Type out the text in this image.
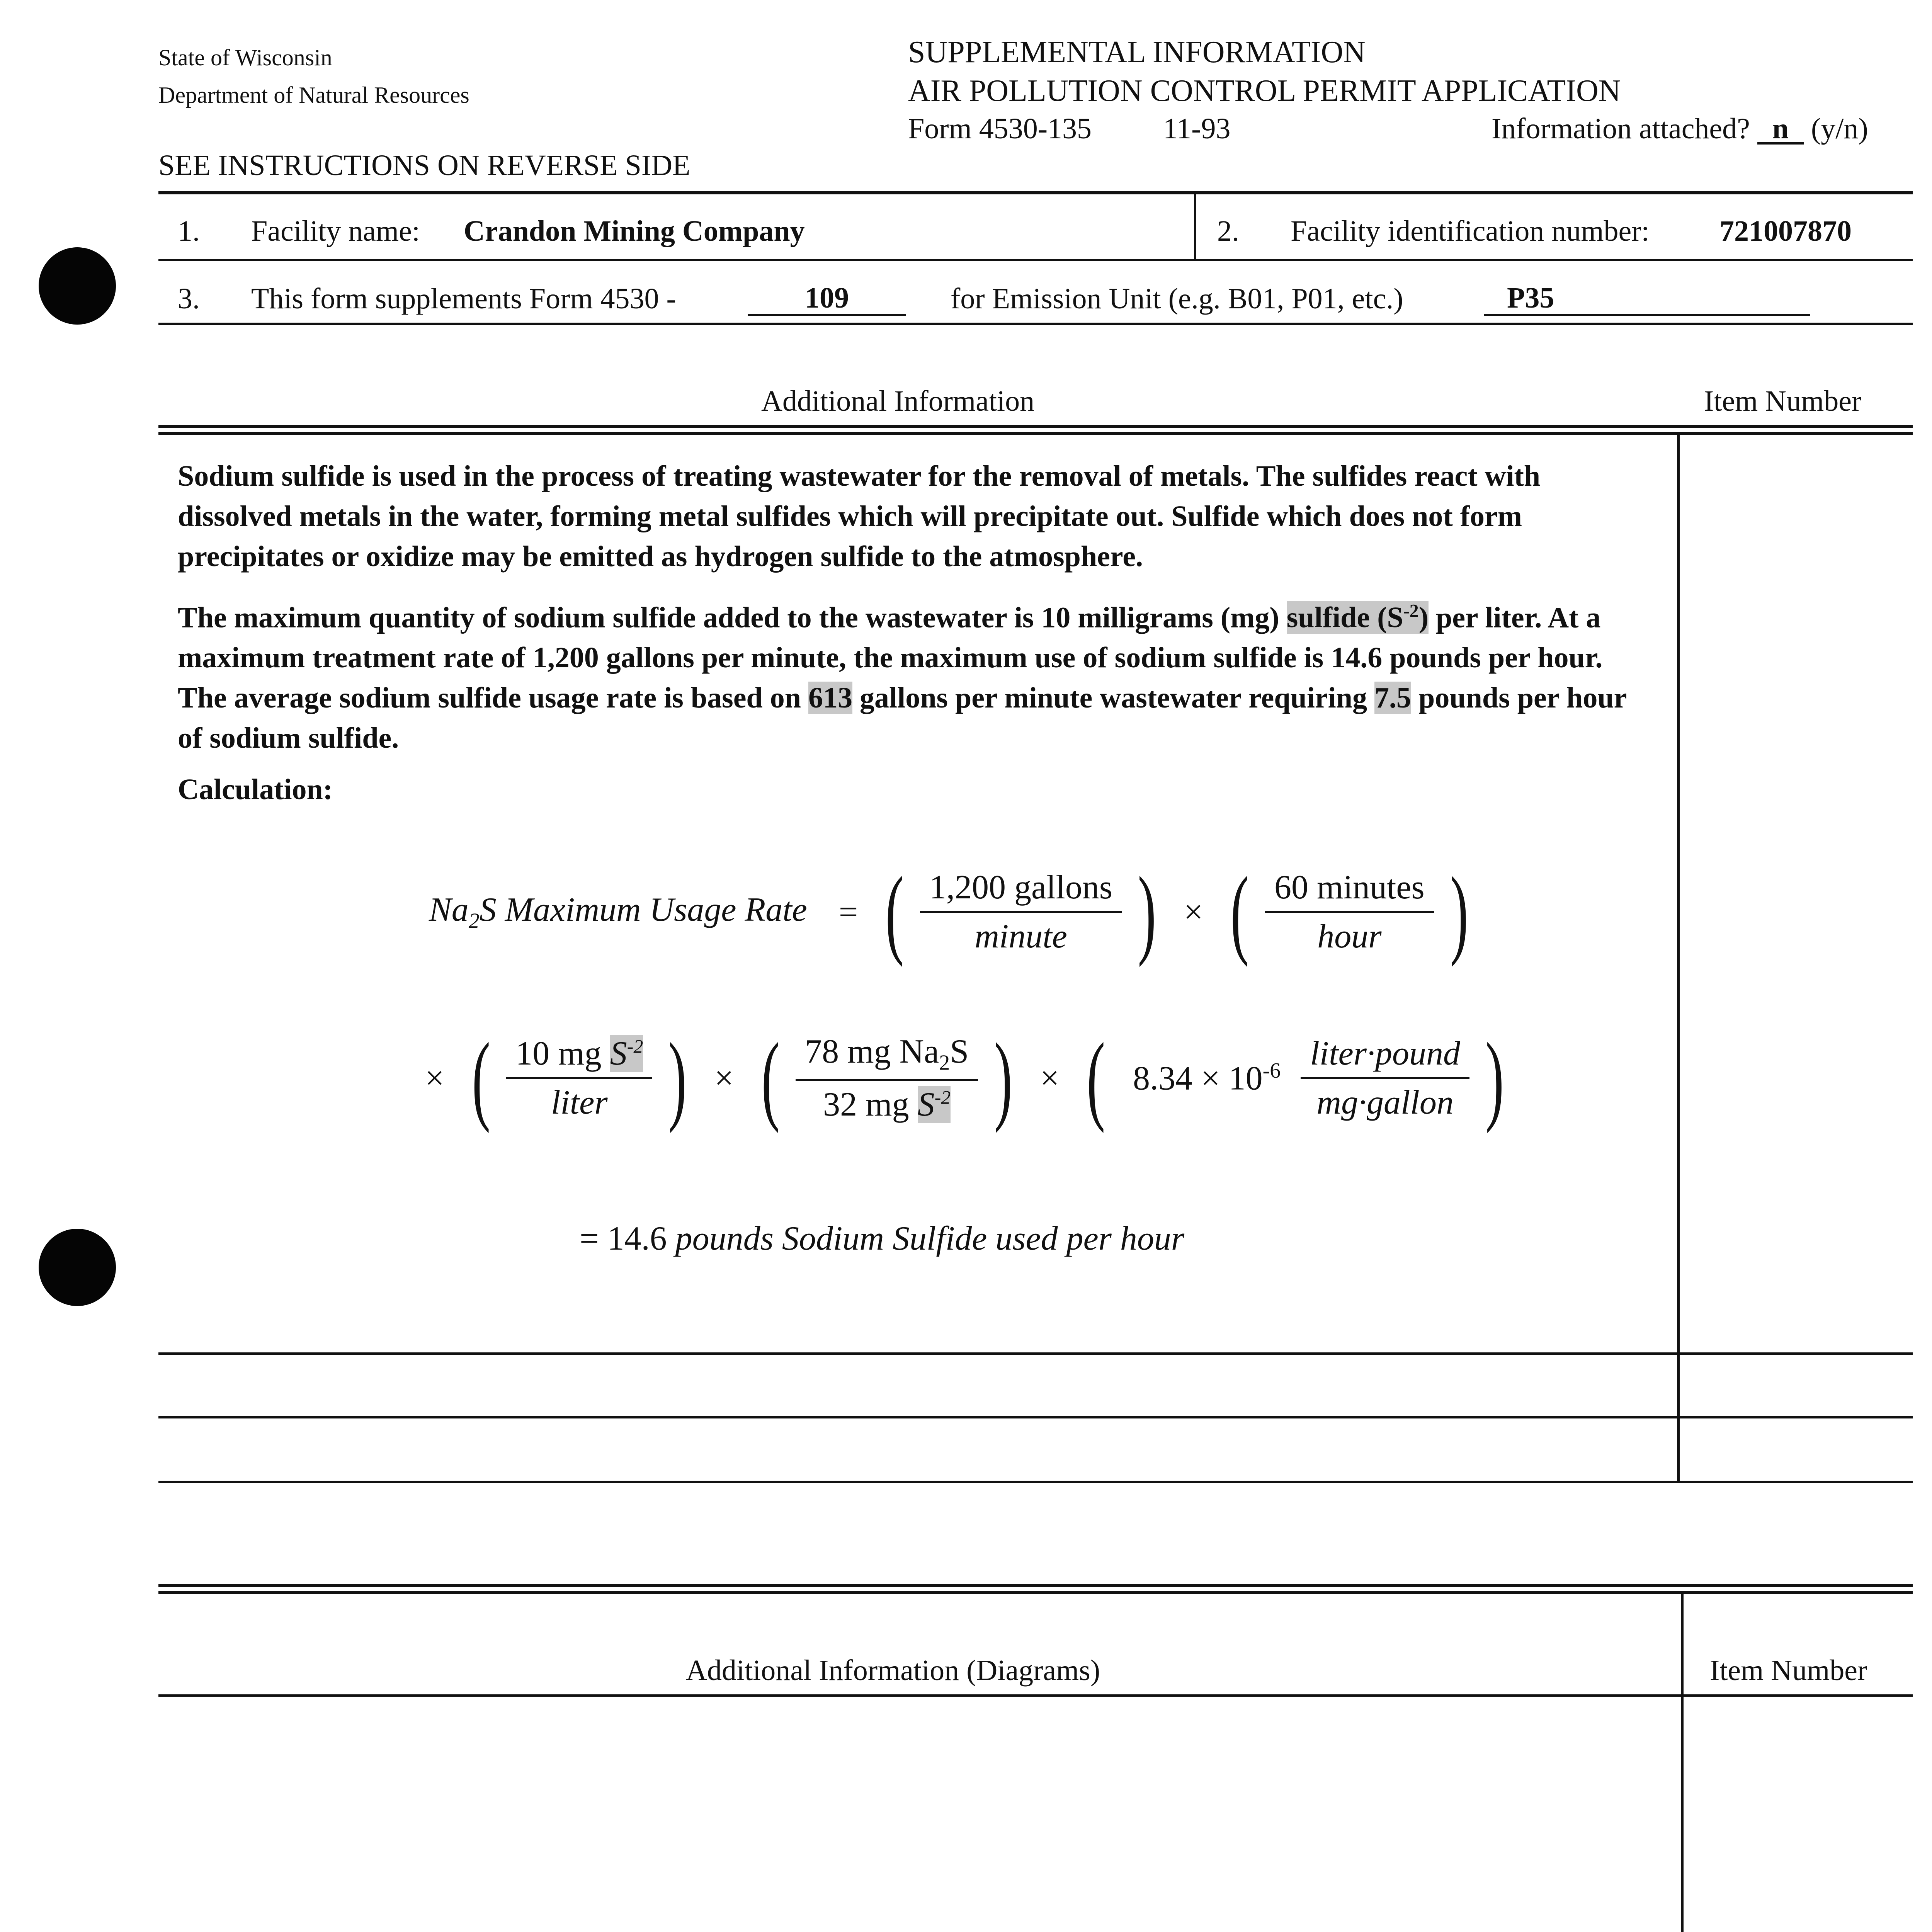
State of Wisconsin
Department of Natural Resources
SEE INSTRUCTIONS ON REVERSE SIDE
SUPPLEMENTAL INFORMATION
AIR POLLUTION CONTROL PERMIT APPLICATION
Form 4530-135 11-93	Information attached? n (y/n)
1. Facility name: Crandon Mining Company	2. Facility identification number: 721007870
3. This form supplements Form 4530 -	109	for Emission Unit (e.g. B01, P01, etc.)	P35
Additional Information	Item Number

Sodium sulfide is used in the process of treating wastewater for the removal of metals. The sulfides react with dissolved metals in the water, forming metal sulfides which will precipitate out. Sulfide which does not form precipitates or oxidize may be emitted as hydrogen sulfide to the atmosphere.

The maximum quantity of sodium sulfide added to the wastewater is 10 milligrams (mg) sulfide $(S^{-2})$ per liter. At a maximum treatment rate of 1,200 gallons per minute, the maximum use of sodium sulfide is 14.6 pounds per hour. The average sodium sulfide usage rate is based on 613 gallons per minute wastewater requiring 7.5 pounds per hour of sodium sulfide.

Calculation:
$Na_2S$ Maximum Usage Rate = ( $\frac{\text{1,200 gallons}}{\text{minute}}$ ) × ( $\frac{\text{60 minutes}}{\text{hour}}$ )
× ( $\frac{10 mg S^{-2}}{\text{liter}}$ ) × ( $\frac{78 mg Na_2S}{32 mg S^{-2}}$ ) × ( $8.34 \times 10^{-6} \frac{\text{liter·pound}}{\text{mg·gallon}}$ )
= 14.6 pounds Sodium Sulfide used per hour
Additional Information (Diagrams)	Item Number
